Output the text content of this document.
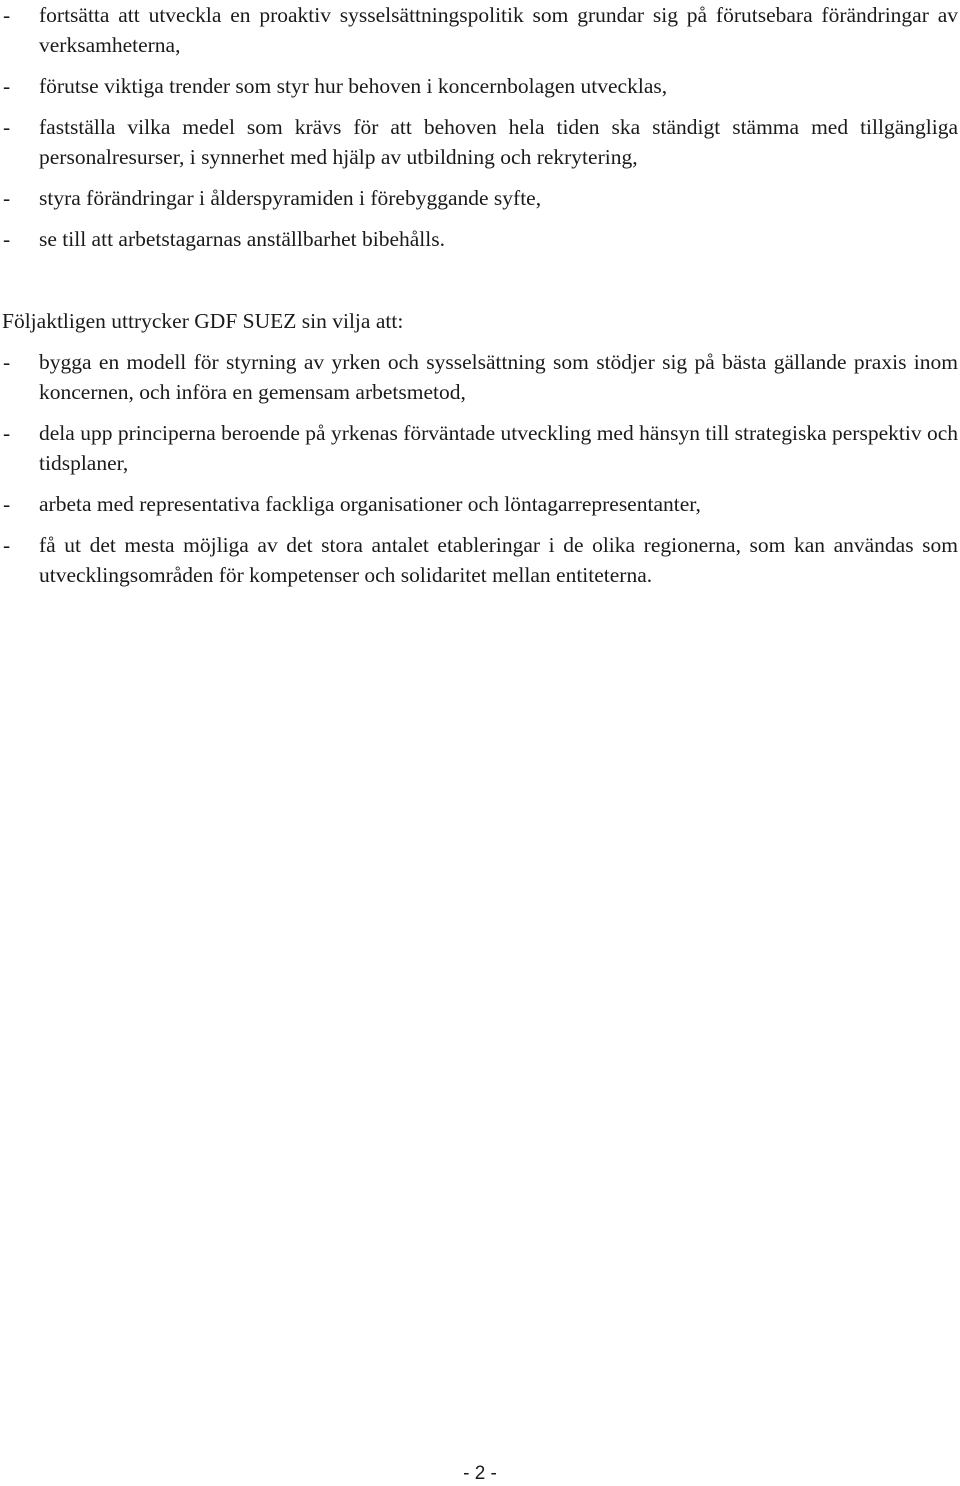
- fortsätta att utveckla en proaktiv sysselsättningspolitik som grundar sig på förutsebara förändringar av verksamheterna,
- förutse viktiga trender som styr hur behoven i koncernbolagen utvecklas,
- fastställa vilka medel som krävs för att behoven hela tiden ska ständigt stämma med tillgängliga personalresurser, i synnerhet med hjälp av utbildning och rekrytering,
- styra förändringar i ålderspyramiden i förebyggande syfte,
- se till att arbetstagarnas anställbarhet bibehålls.

Följaktligen uttrycker GDF SUEZ sin vilja att:

- bygga en modell för styrning av yrken och sysselsättning som stödjer sig på bästa gällande praxis inom koncernen, och införa en gemensam arbetsmetod,
- dela upp principerna beroende på yrkenas förväntade utveckling med hänsyn till strategiska perspektiv och tidsplaner,
- arbeta med representativa fackliga organisationer och löntagarrepresentanter,
- få ut det mesta möjliga av det stora antalet etableringar i de olika regionerna, som kan användas som utvecklingsområden för kompetenser och solidaritet mellan entiteterna.
- 2 -
